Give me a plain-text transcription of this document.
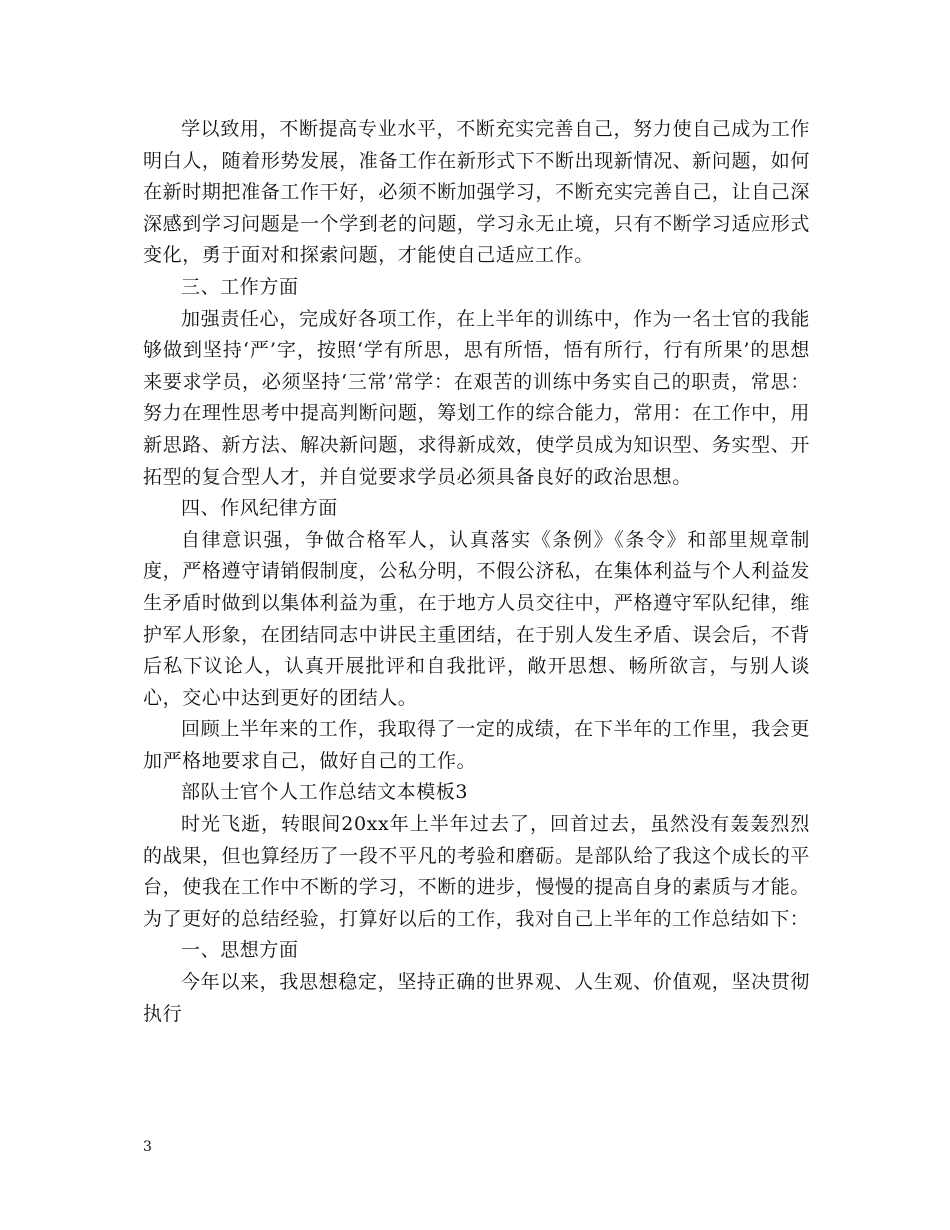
学以致用，不断提高专业水平，不断充实完善自己，努力使自己成为工作明白人，随着形势发展，准备工作在新形式下不断出现新情况、新问题，如何在新时期把准备工作干好，必须不断加强学习，不断充实完善自己，让自己深深感到学习问题是一个学到老的问题，学习永无止境，只有不断学习适应形式变化，勇于面对和探索问题，才能使自己适应工作。

三、工作方面

加强责任心，完成好各项工作，在上半年的训练中，作为一名士官的我能够做到坚持‘严’字，按照‘学有所思，思有所悟，悟有所行，行有所果’的思想来要求学员，必须坚持‘三常’常学：在艰苦的训练中务实自己的职责，常思：努力在理性思考中提高判断问题，筹划工作的综合能力，常用：在工作中，用新思路、新方法、解决新问题，求得新成效，使学员成为知识型、务实型、开拓型的复合型人才，并自觉要求学员必须具备良好的政治思想。

四、作风纪律方面

自律意识强，争做合格军人，认真落实《条例》《条令》和部里规章制度，严格遵守请销假制度，公私分明，不假公济私，在集体利益与个人利益发生矛盾时做到以集体利益为重，在于地方人员交往中，严格遵守军队纪律，维护军人形象，在团结同志中讲民主重团结，在于别人发生矛盾、误会后，不背后私下议论人，认真开展批评和自我批评，敞开思想、畅所欲言，与别人谈心，交心中达到更好的团结人。

回顾上半年来的工作，我取得了一定的成绩，在下半年的工作里，我会更加严格地要求自己，做好自己的工作。

部队士官个人工作总结文本模板3

时光飞逝，转眼间20xx年上半年过去了，回首过去，虽然没有轰轰烈烈的战果，但也算经历了一段不平凡的考验和磨砺。是部队给了我这个成长的平台，使我在工作中不断的学习，不断的进步，慢慢的提高自身的素质与才能。为了更好的总结经验，打算好以后的工作，我对自己上半年的工作总结如下：

一、思想方面

今年以来，我思想稳定，坚持正确的世界观、人生观、价值观，坚决贯彻执行

3
